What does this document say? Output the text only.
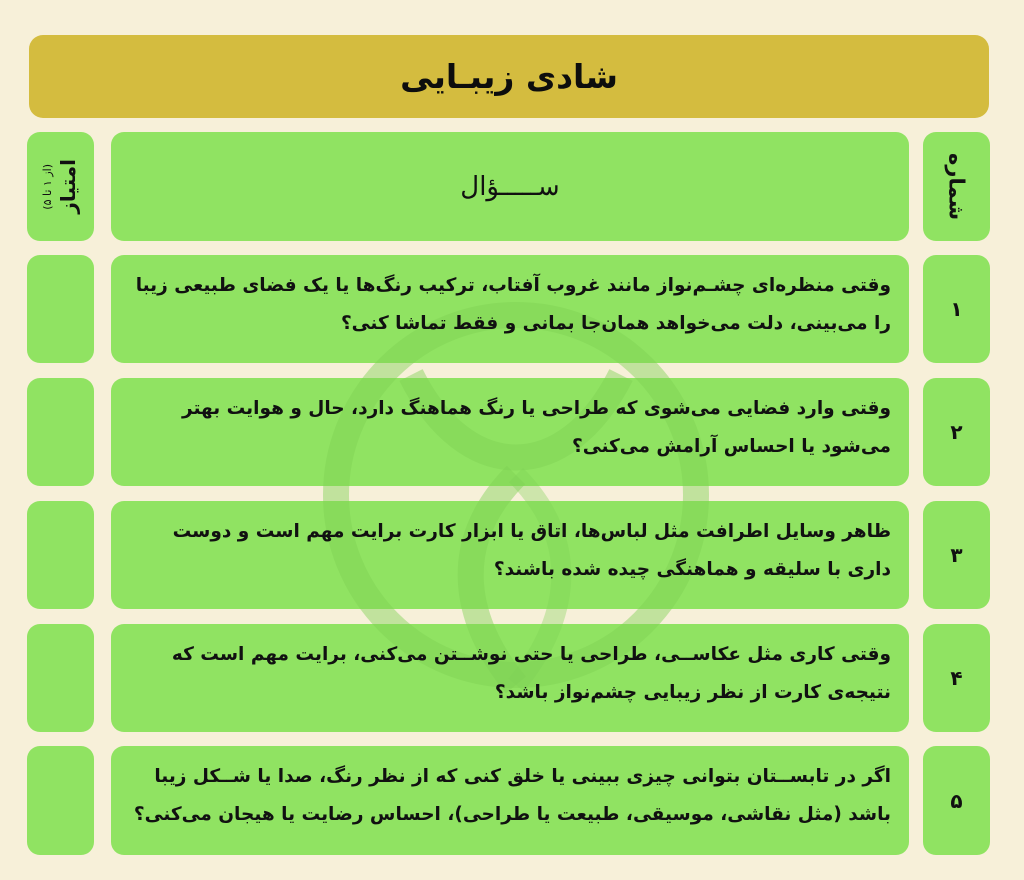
شادی زیبـایی
شماره
ســـــؤال
امتیاز
(از ۱ تا ۵)
۱
وقتی منظره‌ای چشـم‌نواز مانند غروب آفتاب، ترکیب رنگ‌ها یا یک فضای طبیعی زیبا را می‌بینی، دلت می‌خواهد همان‌جا بمانی و فقط تماشا کنی؟
۲
وقتی وارد فضایی می‌شوی که طراحی یا رنگ هماهنگ دارد، حال و هوایت بهتر می‌شود یا احساس آرامش می‌کنی؟
۳
ظاهر وسایل اطرافت مثل لباس‌ها، اتاق یا ابزار کارت برایت مهم است و دوست داری با سلیقه و هماهنگی چیده شده باشند؟
۴
وقتی کاری مثل عکاســی، طراحی یا حتی نوشــتن می‌کنی، برایت مهم است که نتیجه‌ی کارت از نظر زیبایی چشم‌نواز باشد؟
۵
اگر در تابســتان بتوانی چیزی ببینی یا خلق کنی که از نظر رنگ، صدا یا شــکل زیبا باشد (مثل نقاشی، موسیقی، طبیعت یا طراحی)، احساس رضایت یا هیجان می‌کنی؟
